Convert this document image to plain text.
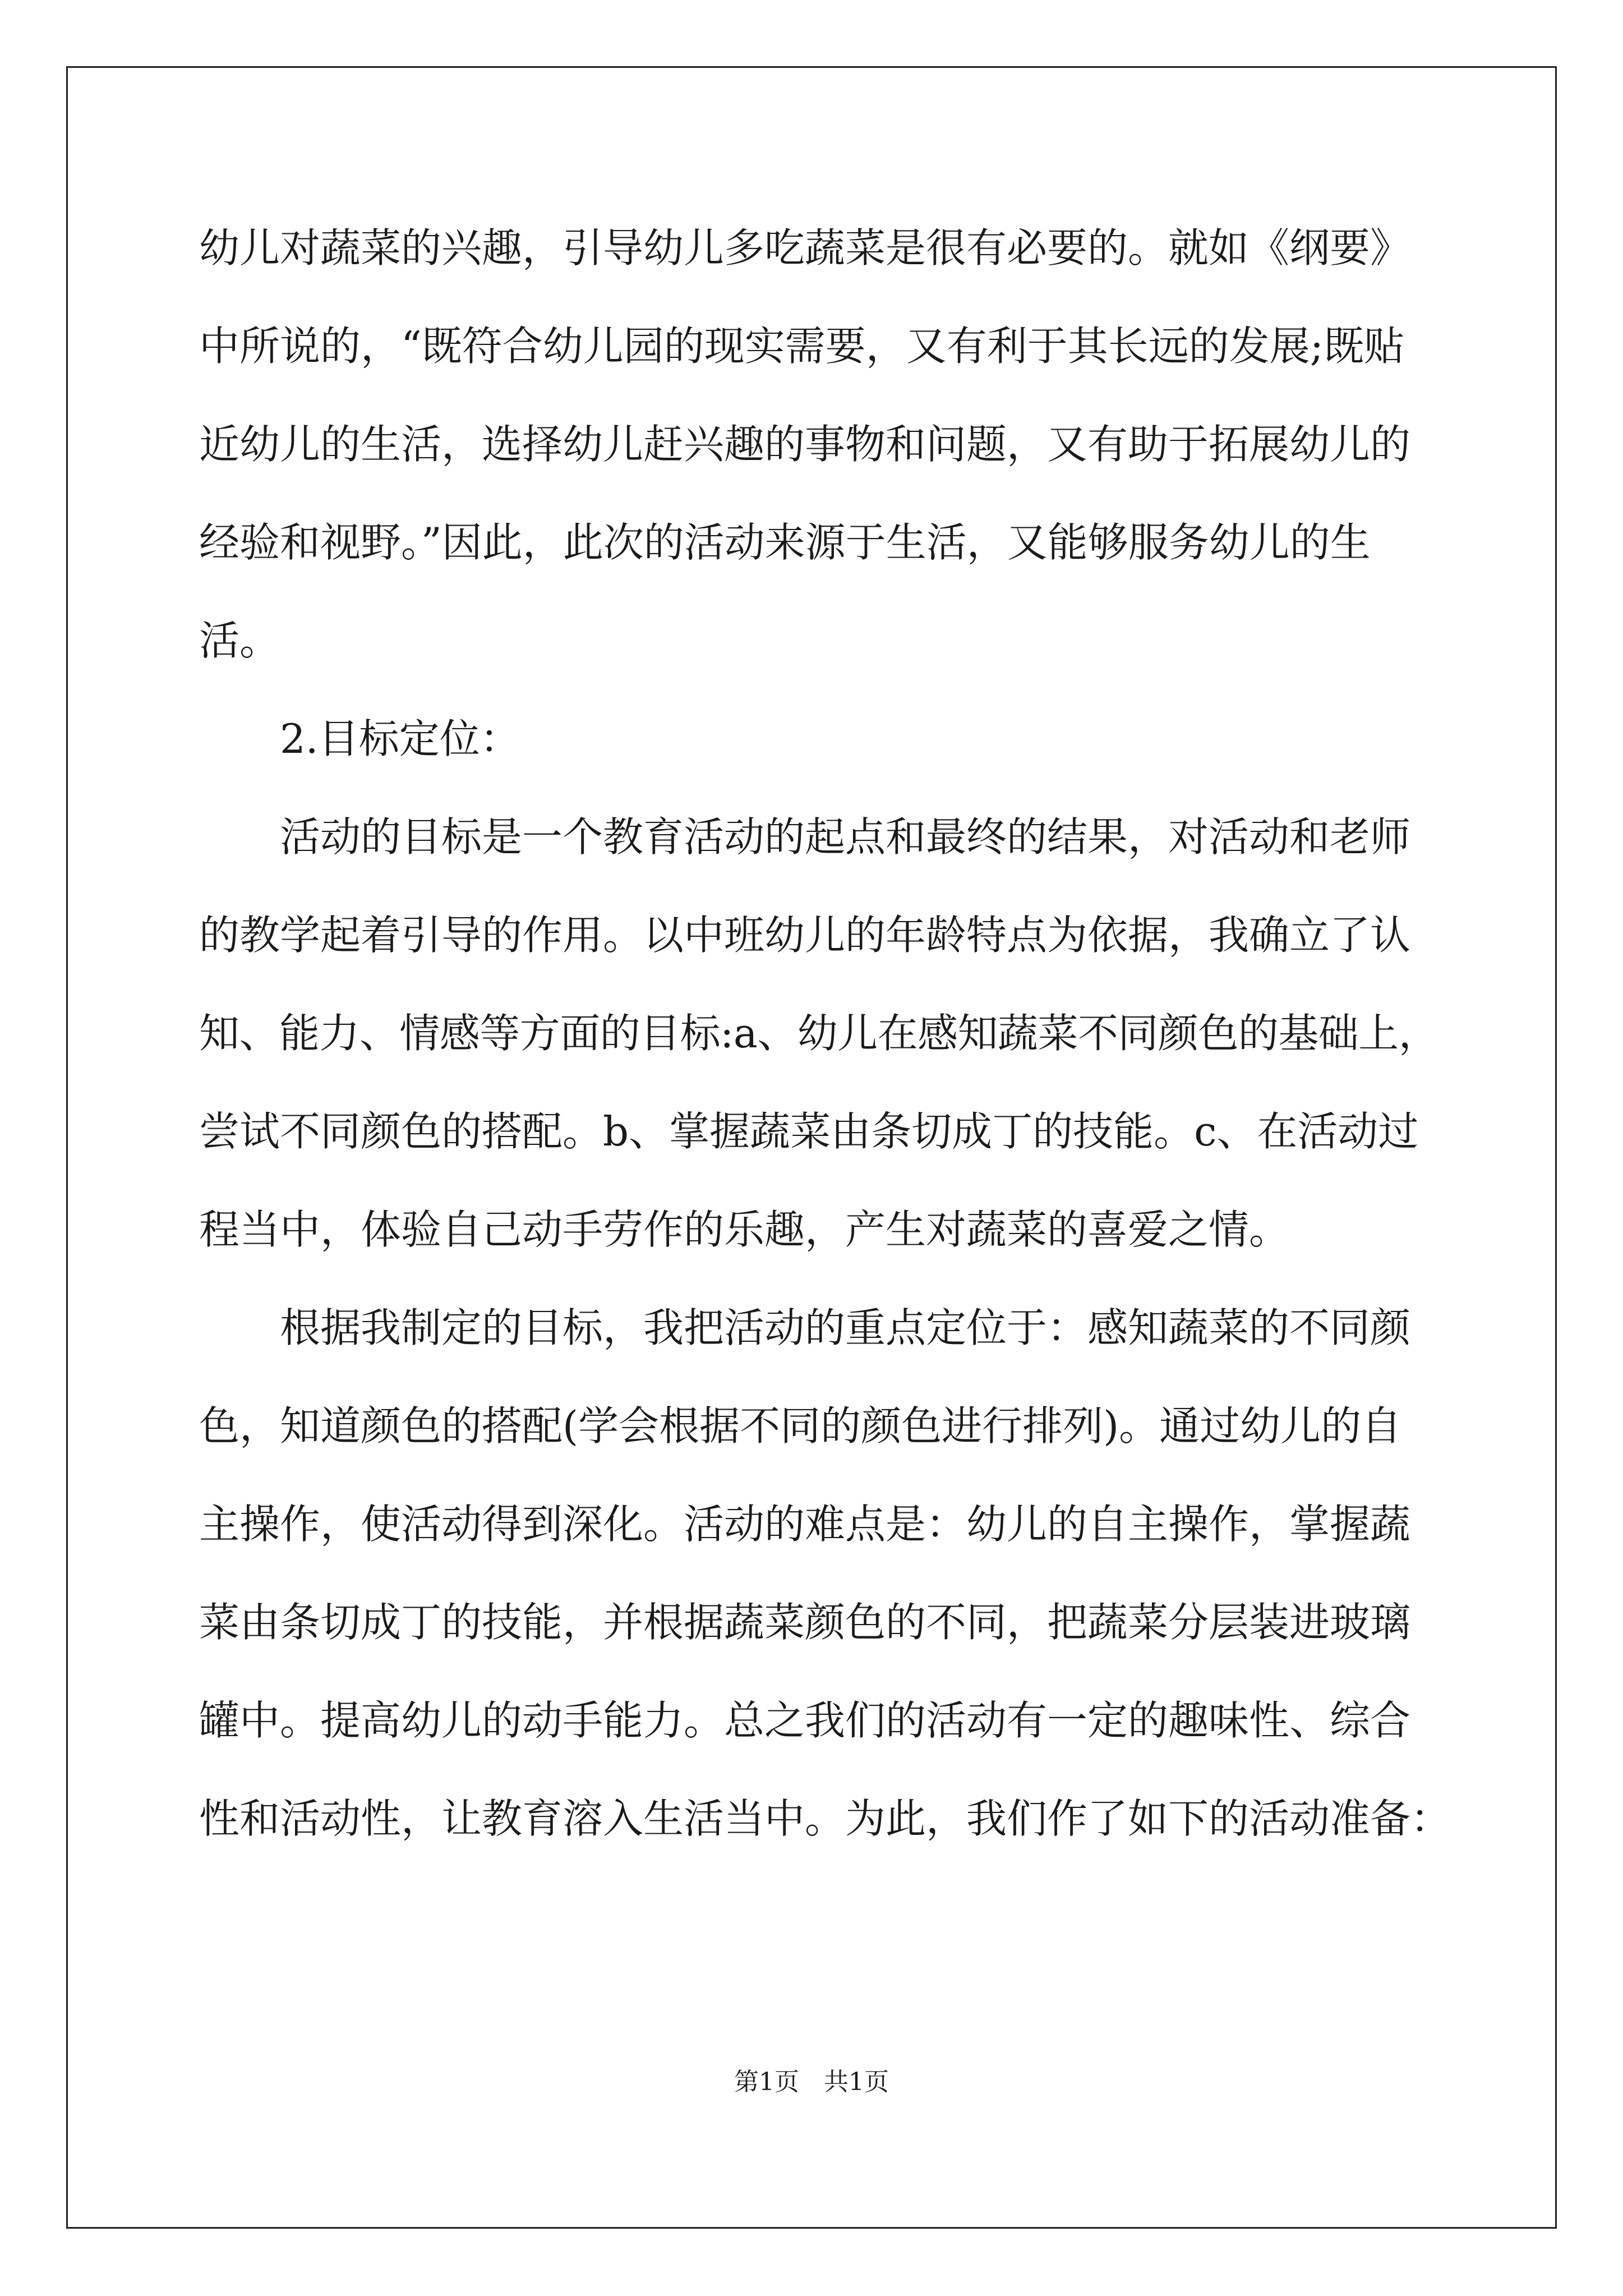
幼儿对蔬菜的兴趣，引导幼儿多吃蔬菜是很有必要的。就如《纲要》
中所说的，“既符合幼儿园的现实需要，又有利于其长远的发展;既贴
近幼儿的生活，选择幼儿赶兴趣的事物和问题，又有助于拓展幼儿的
经验和视野。”因此，此次的活动来源于生活，又能够服务幼儿的生
活。
2.目标定位：
活动的目标是一个教育活动的起点和最终的结果，对活动和老师
的教学起着引导的作用。以中班幼儿的年龄特点为依据，我确立了认
知、能力、情感等方面的目标:a、幼儿在感知蔬菜不同颜色的基础上，
尝试不同颜色的搭配。b、掌握蔬菜由条切成丁的技能。c、在活动过
程当中，体验自己动手劳作的乐趣，产生对蔬菜的喜爱之情。
根据我制定的目标，我把活动的重点定位于：感知蔬菜的不同颜
色，知道颜色的搭配(学会根据不同的颜色进行排列)。通过幼儿的自
主操作，使活动得到深化。活动的难点是：幼儿的自主操作，掌握蔬
菜由条切成丁的技能，并根据蔬菜颜色的不同，把蔬菜分层装进玻璃
罐中。提高幼儿的动手能力。总之我们的活动有一定的趣味性、综合
性和活动性，让教育溶入生活当中。为此，我们作了如下的活动准备：
第1页 共1页
